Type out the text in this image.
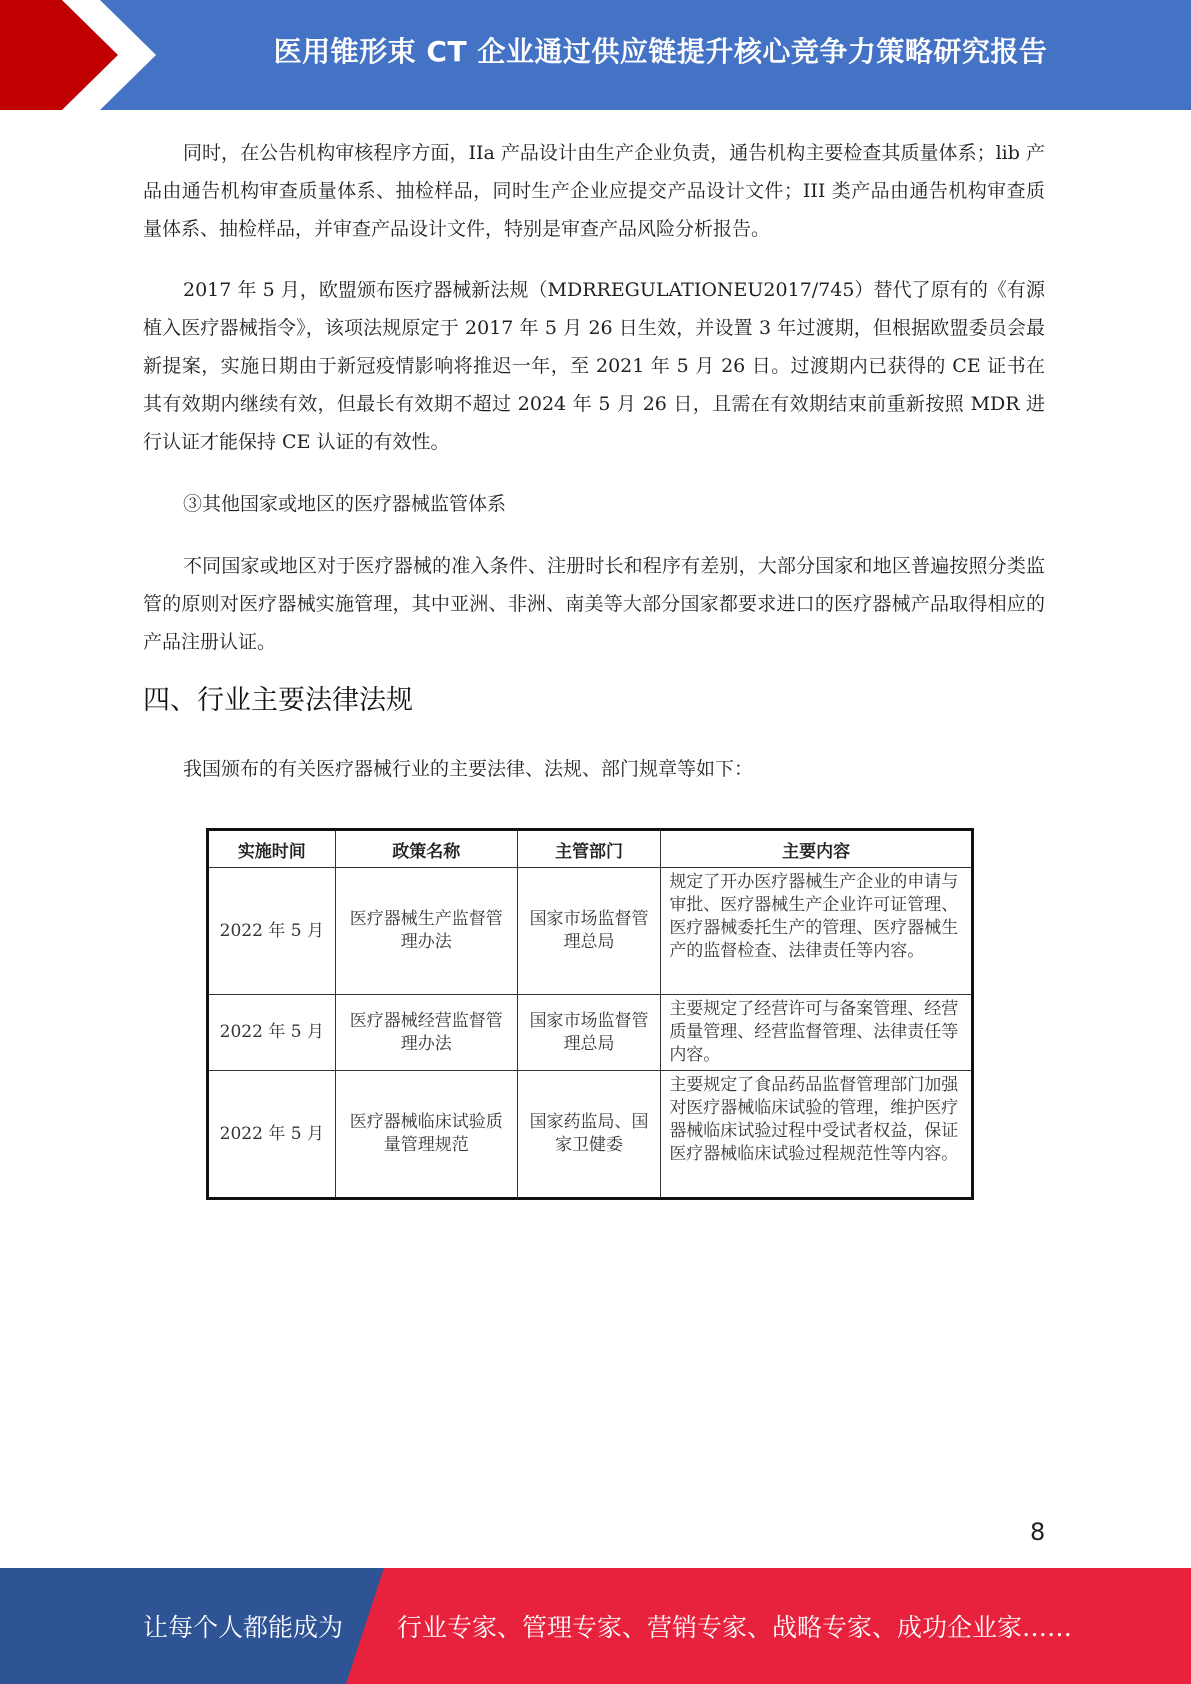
医用锥形束 CT 企业通过供应链提升核心竞争力策略研究报告

同时，在公告机构审核程序方面，IIa 产品设计由生产企业负责，通告机构主要检查其质量体系；lib 产品由通告机构审查质量体系、抽检样品，同时生产企业应提交产品设计文件；III 类产品由通告机构审查质量体系、抽检样品，并审查产品设计文件，特别是审查产品风险分析报告。

2017 年 5 月，欧盟颁布医疗器械新法规（MDRREGULATIONEU2017/745）替代了原有的《有源植入医疗器械指令》，该项法规原定于 2017 年 5 月 26 日生效，并设置 3 年过渡期，但根据欧盟委员会最新提案，实施日期由于新冠疫情影响将推迟一年，至 2021 年 5 月 26 日。过渡期内已获得的 CE 证书在其有效期内继续有效，但最长有效期不超过 2024 年 5 月 26 日，且需在有效期结束前重新按照 MDR 进行认证才能保持 CE 认证的有效性。

③其他国家或地区的医疗器械监管体系

不同国家或地区对于医疗器械的准入条件、注册时长和程序有差别，大部分国家和地区普遍按照分类监管的原则对医疗器械实施管理，其中亚洲、非洲、南美等大部分国家都要求进口的医疗器械产品取得相应的产品注册认证。

四、行业主要法律法规

我国颁布的有关医疗器械行业的主要法律、法规、部门规章等如下：

实施时间	政策名称	主管部门	主要内容
2022 年 5 月	医疗器械生产监督管理办法	国家市场监督管理总局	规定了开办医疗器械生产企业的申请与审批、医疗器械生产企业许可证管理、医疗器械委托生产的管理、医疗器械生产的监督检查、法律责任等内容。
2022 年 5 月	医疗器械经营监督管理办法	国家市场监督管理总局	主要规定了经营许可与备案管理、经营质量管理、经营监督管理、法律责任等内容。
2022 年 5 月	医疗器械临床试验质量管理规范	国家药监局、国家卫健委	主要规定了食品药品监督管理部门加强对医疗器械临床试验的管理，维护医疗器械临床试验过程中受试者权益，保证医疗器械临床试验过程规范性等内容。
8
让每个人都能成为 行业专家、管理专家、营销专家、战略专家、成功企业家……
